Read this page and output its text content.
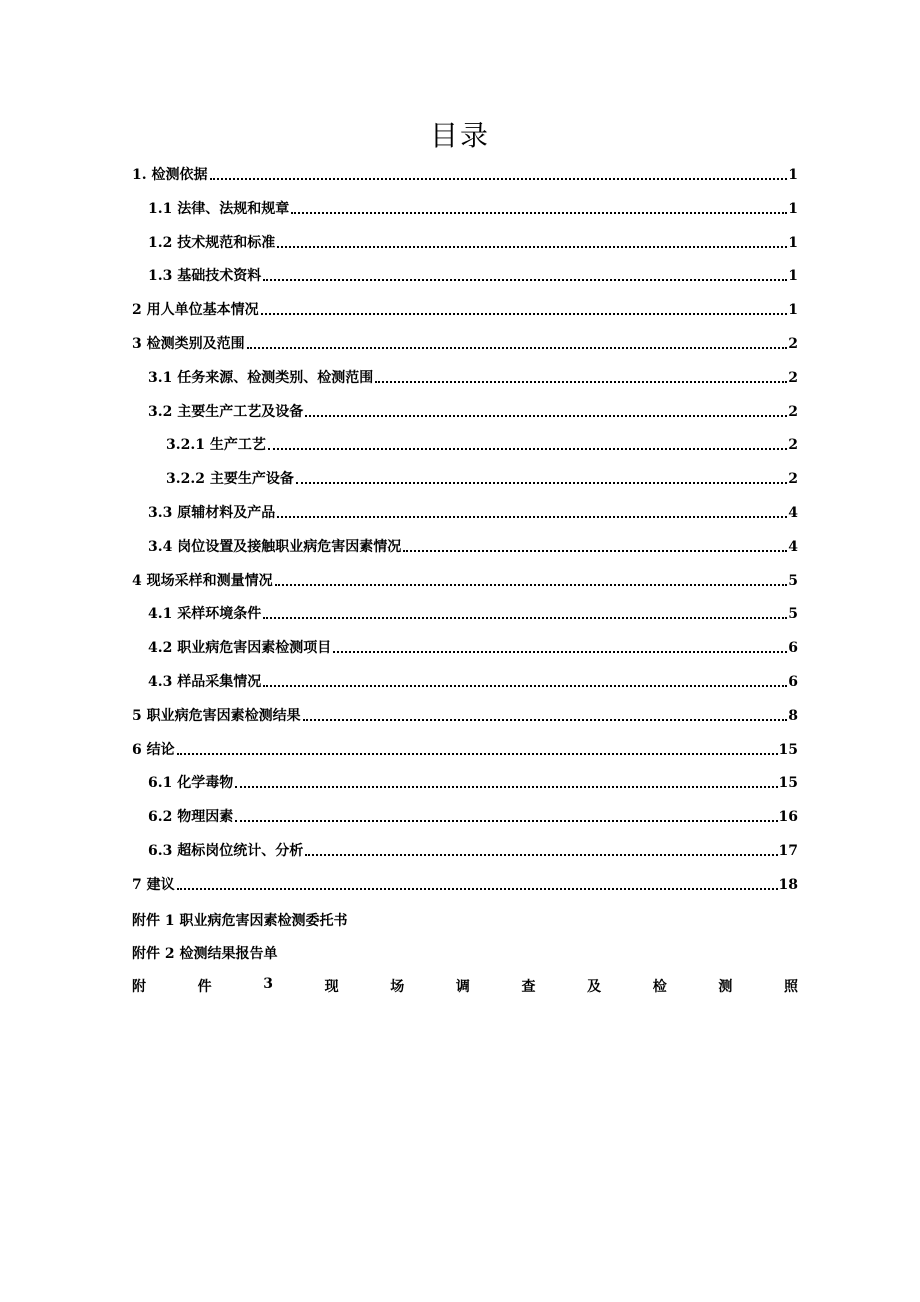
目录
1. 检测依据	1
1.1 法律、法规和规章	1
1.2 技术规范和标准	1
1.3 基础技术资料	1
2 用人单位基本情况	1
3 检测类别及范围	2
3.1 任务来源、检测类别、检测范围	2
3.2 主要生产工艺及设备	2
3.2.1 生产工艺	2
3.2.2 主要生产设备	2
3.3 原辅材料及产品	4
3.4 岗位设置及接触职业病危害因素情况	4
4 现场采样和测量情况	5
4.1 采样环境条件	5
4.2 职业病危害因素检测项目	6
4.3 样品采集情况	6
5 职业病危害因素检测结果	8
6 结论	15
6.1 化学毒物	15
6.2 物理因素	16
6.3 超标岗位统计、分析	17
7 建议	18
附件 1 职业病危害因素检测委托书
附件 2 检测结果报告单
附	件	3	现	场	调	查	及	检	测	照
